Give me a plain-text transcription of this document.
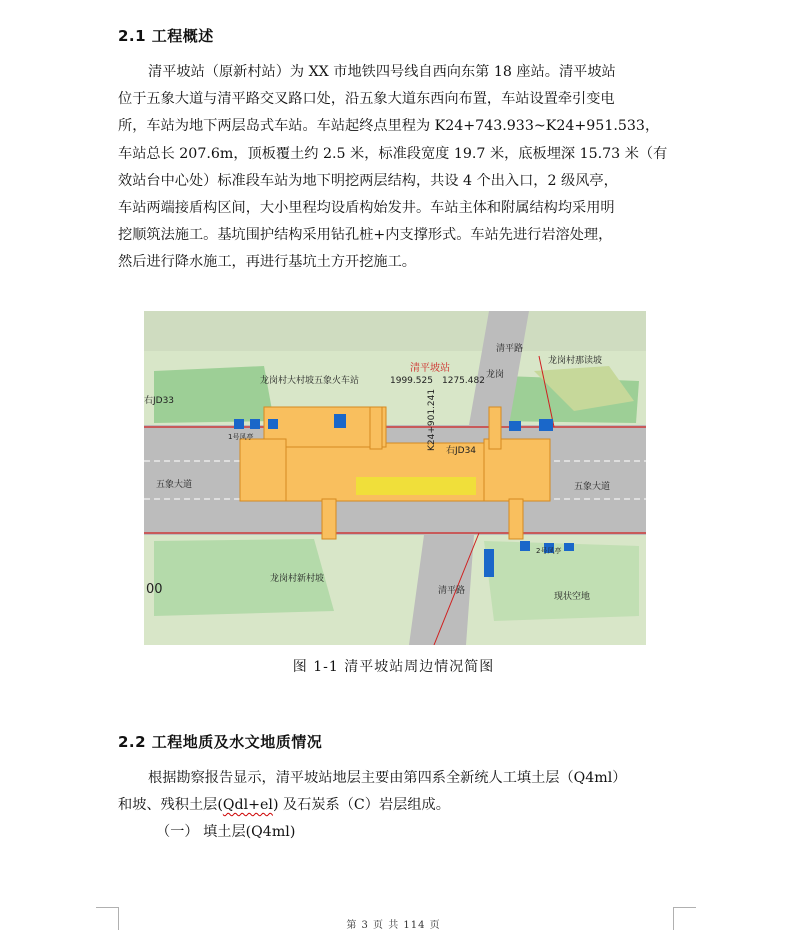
2.1 工程概述
清平坡站（原新村站）为 XX 市地铁四号线自西向东第 18 座站。清平坡站
位于五象大道与清平路交叉路口处，沿五象大道东西向布置，车站设置牵引变电
所，车站为地下两层岛式车站。车站起终点里程为 K24+743.933~K24+951.533，
车站总长 207.6m，顶板覆土约 2.5 米，标准段宽度 19.7 米，底板埋深 15.73 米（有
效站台中心处）标准段车站为地下明挖两层结构，共设 4 个出入口，2 级风亭，
车站两端接盾构区间，大小里程均设盾构始发井。车站主体和附属结构均采用明
挖顺筑法施工。基坑围护结构采用钻孔桩+内支撑形式。车站先进行岩溶处理，
然后进行降水施工，再进行基坑土方开挖施工。
清平坡站
五象火车站	1999.525 1275.482
龙岗
清平路
清平路
五象大道	五象大道
龙岗村大村坡
龙岗村新村坡
龙岗村那读坡
现状空地
右JD33
右JD34
K24+901.241
1号风亭
2号风亭
00
图 1-1 清平坡站周边情况简图
2.2 工程地质及水文地质情况
根据勘察报告显示，清平坡站地层主要由第四系全新统人工填土层（Q4ml）
和坡、残积土层(Qdl+el) 及石炭系（C）岩层组成。
（一） 填土层(Q4ml)
第 3 页 共 114 页
